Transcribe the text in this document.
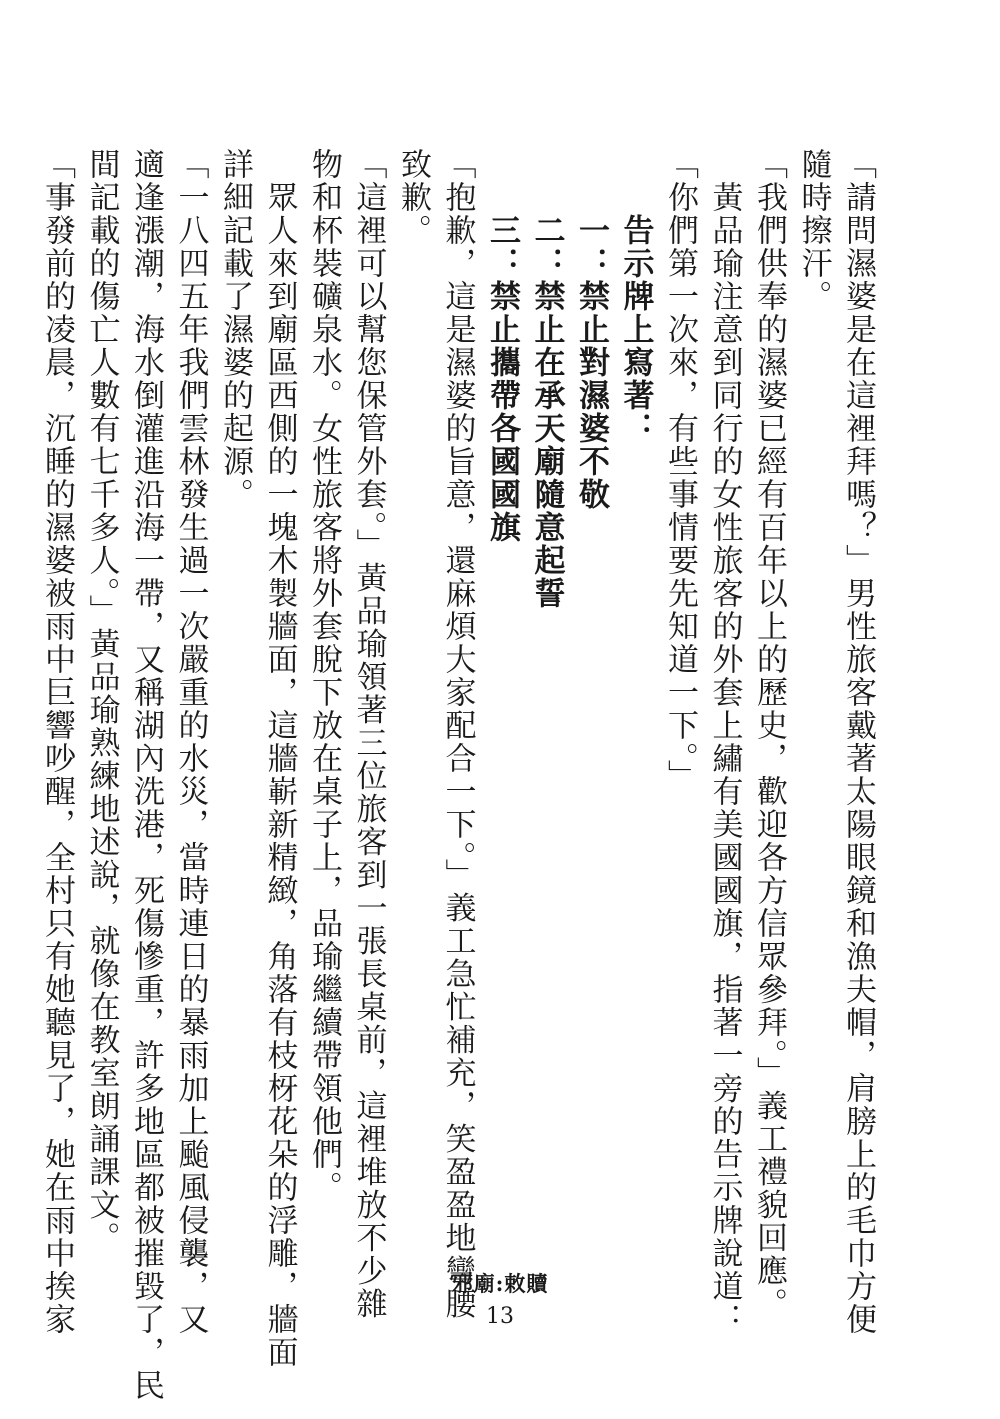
「請問濕婆是在這裡拜嗎？」男性旅客戴著太陽眼鏡和漁夫帽，肩膀上的毛巾方便
隨時擦汗。
「我們供奉的濕婆已經有百年以上的歷史，歡迎各方信眾參拜。」義工禮貌回應。
　黃品瑜注意到同行的女性旅客的外套上繡有美國國旗，指著一旁的告示牌說道：
「你們第一次來，有些事情要先知道一下。」
　　告示牌上寫著：
　　一：禁止對濕婆不敬
　　二：禁止在承天廟隨意起誓
　　三：禁止攜帶各國國旗
「抱歉，這是濕婆的旨意，還麻煩大家配合一下。」義工急忙補充，笑盈盈地彎腰
致歉。
「這裡可以幫您保管外套。」黃品瑜領著三位旅客到一張長桌前，這裡堆放不少雜
物和杯裝礦泉水。女性旅客將外套脫下放在桌子上，品瑜繼續帶領他們。
　眾人來到廟區西側的一塊木製牆面，這牆嶄新精緻，角落有枝枒花朵的浮雕，牆面
詳細記載了濕婆的起源。
「一八四五年我們雲林發生過一次嚴重的水災，當時連日的暴雨加上颱風侵襲，又
適逢漲潮，海水倒灌進沿海一帶，又稱湖內洗港，死傷慘重，許多地區都被摧毀了，民
間記載的傷亡人數有七千多人。」黃品瑜熟練地述說，就像在教室朗誦課文。
「事發前的凌晨，沉睡的濕婆被雨中巨響吵醒，全村只有她聽見了，她在雨中挨家	邪廟:敕贖
13
